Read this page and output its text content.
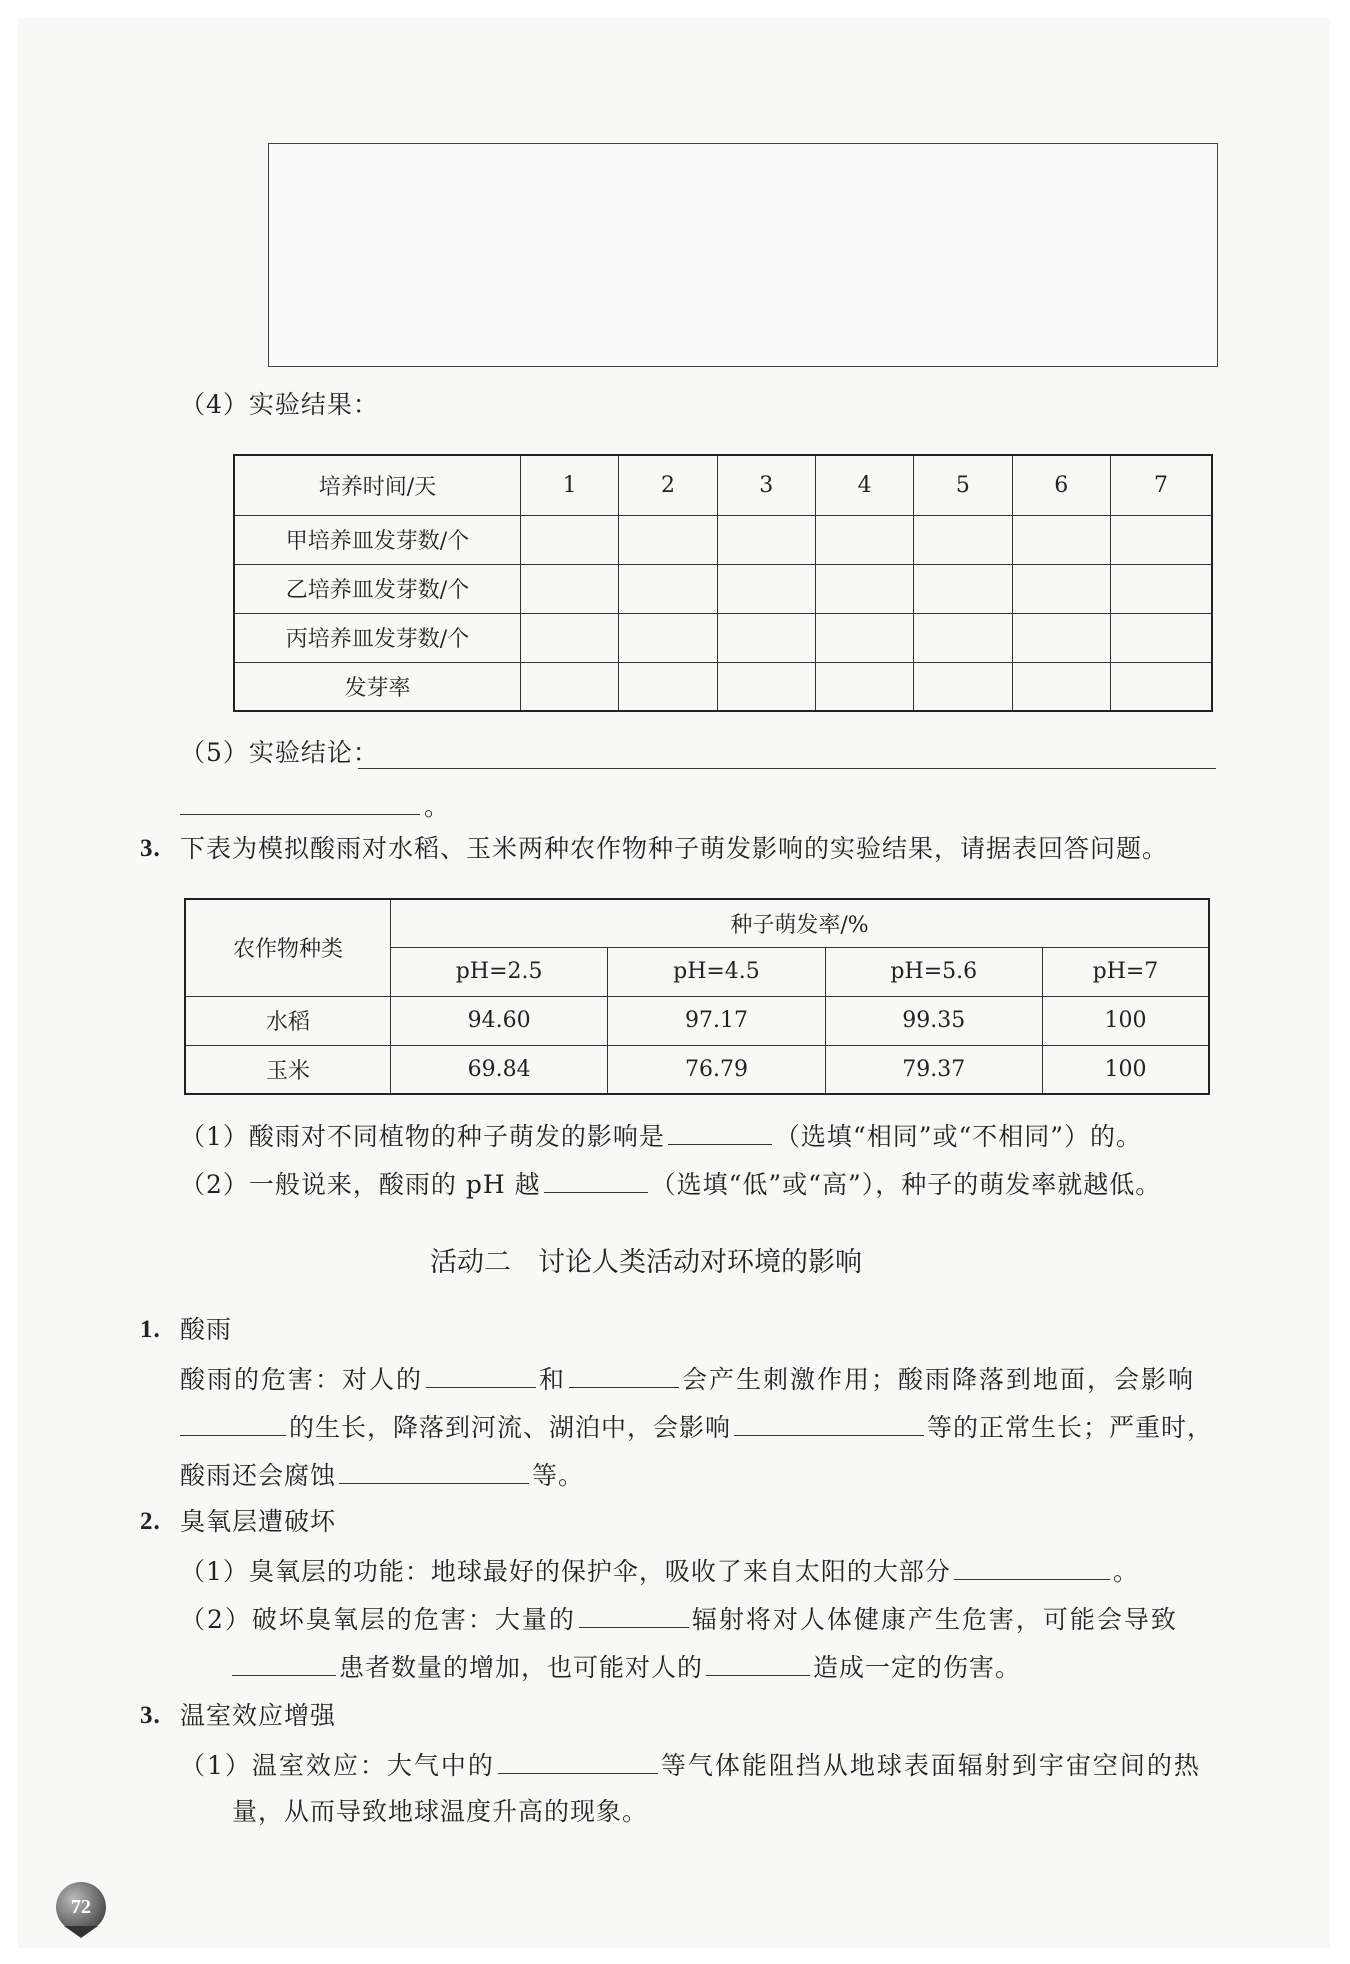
（4）实验结果：
培养时间/天	1	2	3	4	5	6	7
甲培养皿发芽数/个							
乙培养皿发芽数/个							
丙培养皿发芽数/个							
发芽率							
（5）实验结论：
。
3. 下表为模拟酸雨对水稻、玉米两种农作物种子萌发影响的实验结果，请据表回答问题。
农作物种类	种子萌发率/%			
	pH=2.5	pH=4.5	pH=5.6	pH=7
水稻	94.60	97.17	99.35	100
玉米	69.84	76.79	79.37	100
（1）酸雨对不同植物的种子萌发的影响是	（选填“相同”或“不相同”）的。
（2）一般说来，酸雨的 pH 越	（选填“低”或“高”），种子的萌发率就越低。
活动二　讨论人类活动对环境的影响
1. 酸雨
酸雨的危害：对人的	和	会产生刺激作用；酸雨降落到地面，会影响
的生长，降落到河流、湖泊中，会影响	等的正常生长；严重时，
酸雨还会腐蚀	等。
2. 臭氧层遭破坏
（1）臭氧层的功能：地球最好的保护伞，吸收了来自太阳的大部分	。
（2）破坏臭氧层的危害：大量的	辐射将对人体健康产生危害，可能会导致
患者数量的增加，也可能对人的	造成一定的伤害。
3. 温室效应增强
（1）温室效应：大气中的	等气体能阻挡从地球表面辐射到宇宙空间的热
量，从而导致地球温度升高的现象。
72
